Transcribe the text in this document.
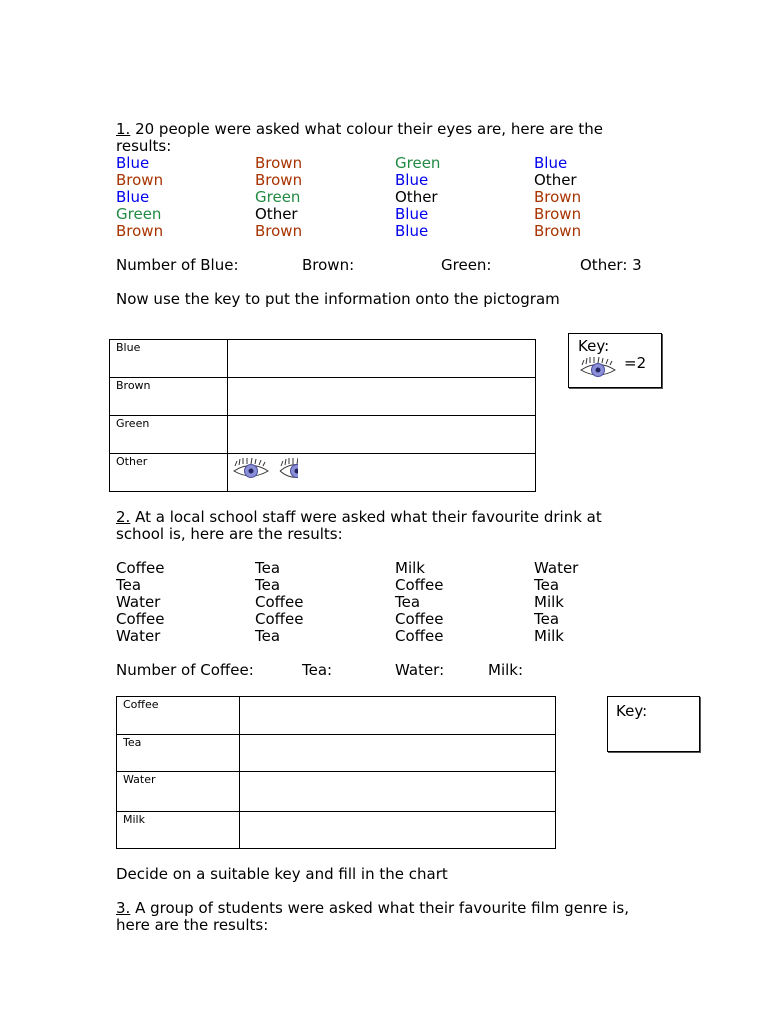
1. 20 people were asked what colour their eyes are, here are the
results:
Blue	Brown	Green	Blue
Brown	Brown	Blue	Other
Blue	Green	Other	Brown
Green	Other	Blue	Brown
Brown	Brown	Blue	Brown
Number of Blue:	Brown:	Green:	Other: 3
Now use the key to put the information onto the pictogram
Blue	
Brown	
Green	
Other	
Key:
=2
2. At a local school staff were asked what their favourite drink at
school is, here are the results:
Coffee	Tea	Milk	Water
Tea	Tea	Coffee	Tea
Water	Coffee	Tea	Milk
Coffee	Coffee	Coffee	Tea
Water	Tea	Coffee	Milk
Number of Coffee:	Tea:	Water:	Milk:
Coffee	
Tea	
Water	
Milk	
Key:
Decide on a suitable key and fill in the chart
3. A group of students were asked what their favourite film genre is,
here are the results:
